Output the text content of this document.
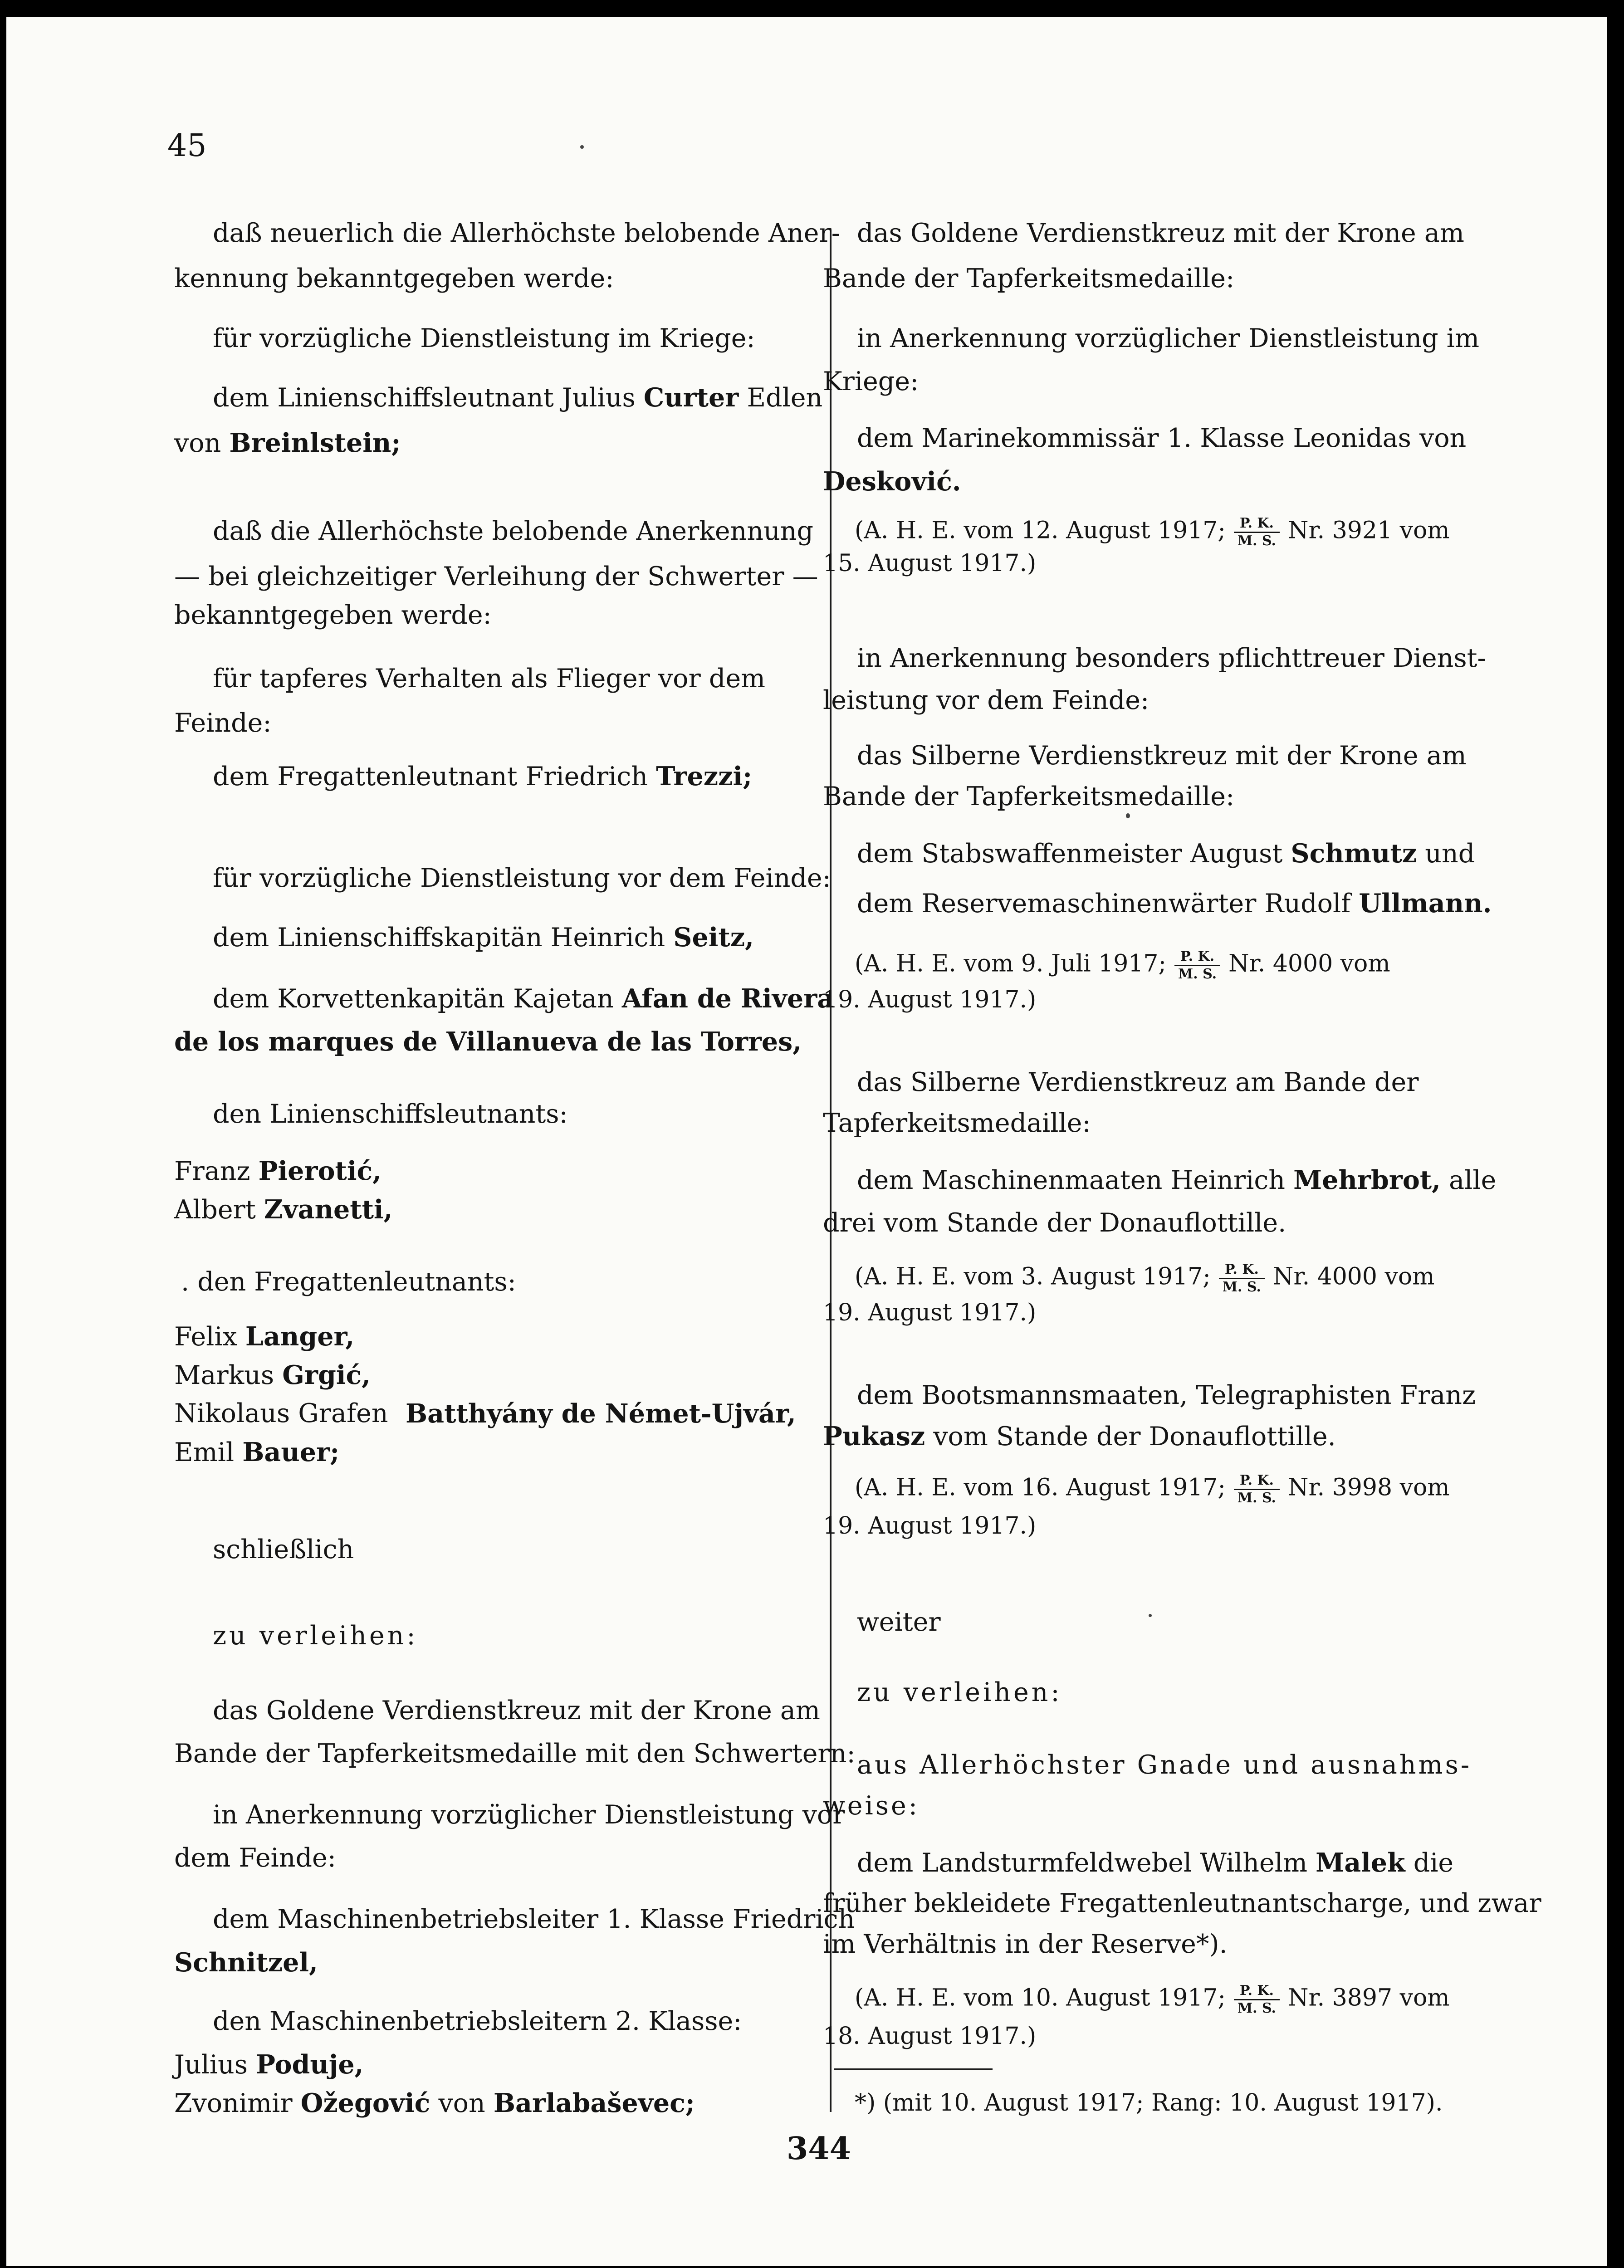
45
daß neuerlich die Allerhöchste belobende Aner-
kennung bekanntgegeben werde:
für vorzügliche Dienstleistung im Kriege:
dem Linienschiffsleutnant Julius Curter Edlen
von Breinlstein;
daß die Allerhöchste belobende Anerkennung
— bei gleichzeitiger Verleihung der Schwerter —
bekanntgegeben werde:
für tapferes Verhalten als Flieger vor dem
Feinde:
dem Fregattenleutnant Friedrich Trezzi;
für vorzügliche Dienstleistung vor dem Feinde:
dem Linienschiffskapitän Heinrich Seitz,
dem Korvettenkapitän Kajetan Afan de Rivera
de los marques de Villanueva de las Torres,
den Linienschiffsleutnants:
Franz Pierotić,
Albert Zvanetti,
. den Fregattenleutnants:
Felix Langer,
Markus Grgić,
Nikolaus Grafen Batthyány de Német-Ujvár,
Emil Bauer;
schließlich
zu verleihen:
das Goldene Verdienstkreuz mit der Krone am
Bande der Tapferkeitsmedaille mit den Schwertern:
in Anerkennung vorzüglicher Dienstleistung vor
dem Feinde:
dem Maschinenbetriebsleiter 1. Klasse Friedrich
Schnitzel,
den Maschinenbetriebsleitern 2. Klasse:
Julius Poduje,
Zvonimir Ožegović von Barlabaševec;
das Goldene Verdienstkreuz mit der Krone am
Bande der Tapferkeitsmedaille:
in Anerkennung vorzüglicher Dienstleistung im
Kriege:
dem Marinekommissär 1. Klasse Leonidas von
Desković.
(A. H. E. vom 12. August 1917; $\frac{P. K.}{M. S.} Nr$. 3921 vom
15. August 1917.)
in Anerkennung besonders pflichttreuer Dienst-
leistung vor dem Feinde:
das Silberne Verdienstkreuz mit der Krone am
Bande der Tapferkeitsmedaille:
dem Stabswaffenmeister August Schmutz und
dem Reservemaschinenwärter Rudolf Ullmann.
(A. H. E. vom 9. Juli 1917; $\frac{P. K.}{M. S.} Nr$. 4000 vom
19. August 1917.)
das Silberne Verdienstkreuz am Bande der
Tapferkeitsmedaille:
dem Maschinenmaaten Heinrich Mehrbrot, alle
drei vom Stande der Donauflottille.
(A. H. E. vom 3. August 1917; $\frac{P. K.}{M. S.} Nr$. 4000 vom
19. August 1917.)
dem Bootsmannsmaaten, Telegraphisten Franz
Pukasz vom Stande der Donauflottille.
(A. H. E. vom 16. August 1917; $\frac{P. K.}{M. S.} Nr$. 3998 vom
19. August 1917.)
weiter
zu verleihen:
aus Allerhöchster Gnade und ausnahms-
weise:
dem Landsturmfeldwebel Wilhelm Malek die
früher bekleidete Fregattenleutnantscharge, und zwar
im Verhältnis in der Reserve*).
(A. H. E. vom 10. August 1917; $\frac{P. K.}{M. S.} Nr$. 3897 vom
18. August 1917.)
*) (mit 10. August 1917; Rang: 10. August 1917).
344
